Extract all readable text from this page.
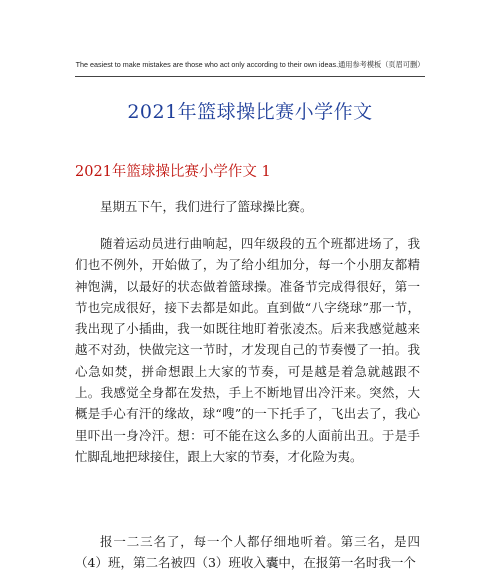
The easiest to make mistakes are those who act only according to their own ideas.通用参考模板（页眉可删）
2021年篮球操比赛小学作文
2021年篮球操比赛小学作文 1

星期五下午，我们进行了篮球操比赛。

随着运动员进行曲响起，四年级段的五个班都进场了，我们也不例外，开始做了，为了给小组加分，每一个小朋友都精神饱满，以最好的状态做着篮球操。准备节完成得很好，第一节也完成很好，接下去都是如此。直到做“八字绕球”那一节，我出现了小插曲，我一如既往地盯着张凌杰。后来我感觉越来越不对劲，快做完这一节时，才发现自己的节奏慢了一拍。我心急如焚，拼命想跟上大家的节奏，可是越是着急就越跟不上。我感觉全身都在发热，手上不断地冒出冷汗来。突然，大概是手心有汗的缘故，球“嗖”的一下托手了，飞出去了，我心里吓出一身冷汗。想：可不能在这么多的人面前出丑。于是手忙脚乱地把球接住，跟上大家的节奏，才化险为夷。

报一二三名了，每一个人都仔细地听着。第三名，是四（4）班，第二名被四（3）班收入囊中，在报第一名时我一个
